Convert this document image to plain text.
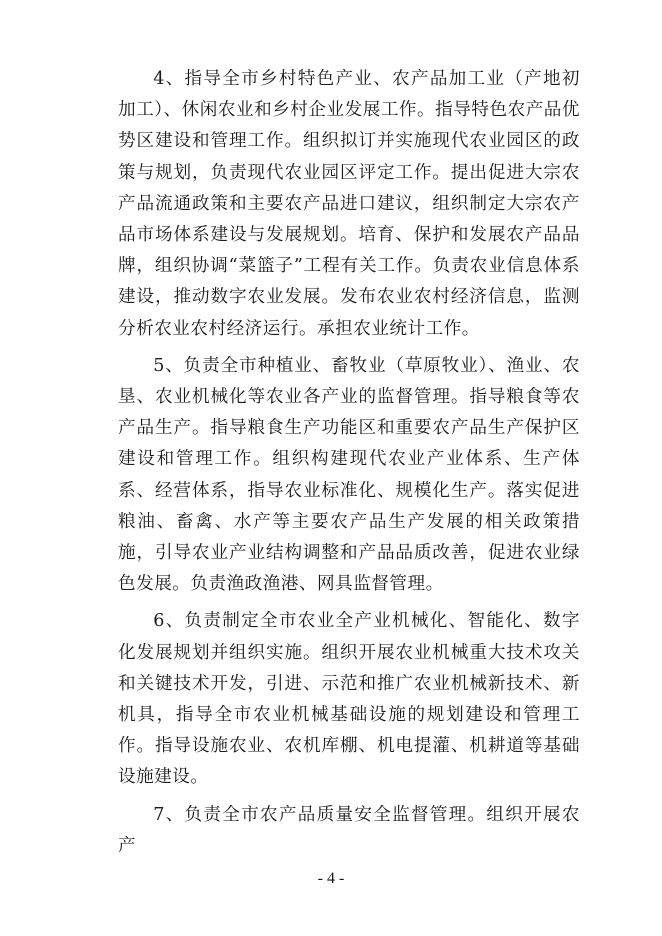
4、指导全市乡村特色产业、农产品加工业（产地初加工）、休闲农业和乡村企业发展工作。指导特色农产品优势区建设和管理工作。组织拟订并实施现代农业园区的政策与规划，负责现代农业园区评定工作。提出促进大宗农产品流通政策和主要农产品进口建议，组织制定大宗农产品市场体系建设与发展规划。培育、保护和发展农产品品牌，组织协调“菜篮子”工程有关工作。负责农业信息体系建设，推动数字农业发展。发布农业农村经济信息，监测分析农业农村经济运行。承担农业统计工作。

5、负责全市种植业、畜牧业（草原牧业）、渔业、农垦、农业机械化等农业各产业的监督管理。指导粮食等农产品生产。指导粮食生产功能区和重要农产品生产保护区建设和管理工作。组织构建现代农业产业体系、生产体系、经营体系，指导农业标准化、规模化生产。落实促进粮油、畜禽、水产等主要农产品生产发展的相关政策措施，引导农业产业结构调整和产品品质改善，促进农业绿色发展。负责渔政渔港、网具监督管理。

6、负责制定全市农业全产业机械化、智能化、数字化发展规划并组织实施。组织开展农业机械重大技术攻关和关键技术开发，引进、示范和推广农业机械新技术、新机具，指导全市农业机械基础设施的规划建设和管理工作。指导设施农业、农机库棚、机电提灌、机耕道等基础设施建设。

7、负责全市农产品质量安全监督管理。组织开展农产

- 4 -
